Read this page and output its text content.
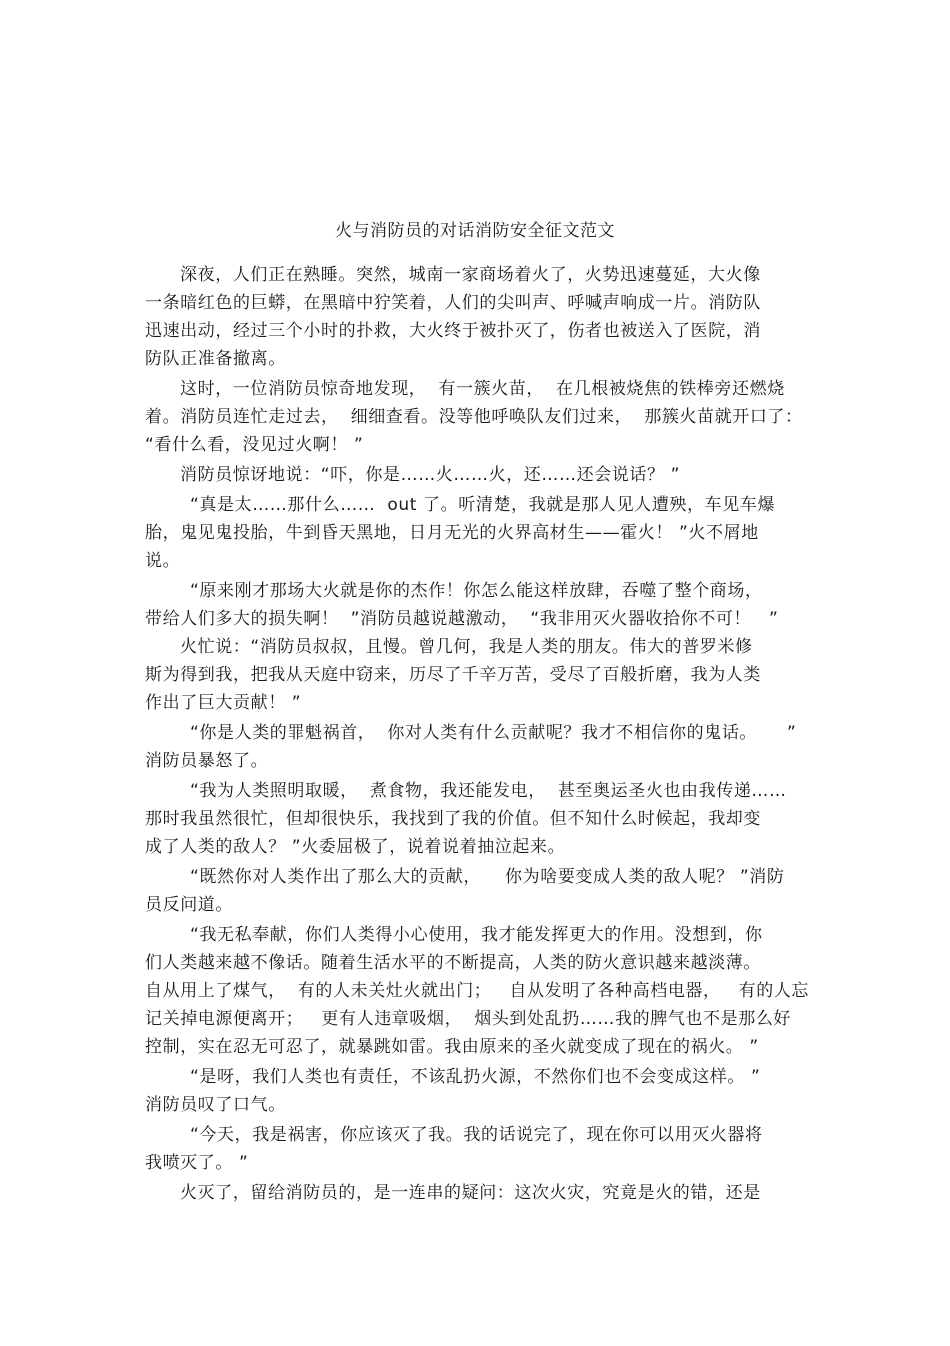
火与消防员的对话消防安全征文范文
深夜，人们正在熟睡。突然，城南一家商场着火了，火势迅速蔓延，大火像
一条暗红色的巨蟒，在黑暗中狞笑着，人们的尖叫声、呼喊声响成一片。消防队
迅速出动，经过三个小时的扑救，大火终于被扑灭了，伤者也被送入了医院，消
防队正准备撤离。
这时，一位消防员惊奇地发现，  有一簇火苗，  在几根被烧焦的铁棒旁还燃烧
着。消防员连忙走过去，  细细查看。没等他呼唤队友们过来，  那簇火苗就开口了：
“看什么看，没见过火啊！ ”
消防员惊讶地说：“吓，你是……火……火，还……还会说话？ ”
“真是太……那什么……  out 了。听清楚，我就是那人见人遭殃，车见车爆
胎，鬼见鬼投胎，牛到昏天黑地，日月无光的火界高材生——霍火！ ”火不屑地
说。
“原来刚才那场大火就是你的杰作！你怎么能这样放肆，吞噬了整个商场，
带给人们多大的损失啊！  ”消防员越说越激动，  “我非用灭火器收拾你不可！   ”
火忙说：“消防员叔叔，且慢。曾几何，我是人类的朋友。伟大的普罗米修
斯为得到我，把我从天庭中窃来，历尽了千辛万苦，受尽了百般折磨，我为人类
作出了巨大贡献！ ”
“你是人类的罪魁祸首，  你对人类有什么贡献呢？我才不相信你的鬼话。     ”
消防员暴怒了。
“我为人类照明取暖，  煮食物，我还能发电，  甚至奥运圣火也由我传递……
那时我虽然很忙，但却很快乐，我找到了我的价值。但不知什么时候起，我却变
成了人类的敌人？ ”火委屈极了，说着说着抽泣起来。
“既然你对人类作出了那么大的贡献，    你为啥要变成人类的敌人呢？ ”消防
员反问道。
“我无私奉献，你们人类得小心使用，我才能发挥更大的作用。没想到，你
们人类越来越不像话。随着生活水平的不断提高，人类的防火意识越来越淡薄。
自从用上了煤气，  有的人未关灶火就出门；   自从发明了各种高档电器，   有的人忘
记关掉电源便离开；   更有人违章吸烟，  烟头到处乱扔……我的脾气也不是那么好
控制，实在忍无可忍了，就暴跳如雷。我由原来的圣火就变成了现在的祸火。 ”
“是呀，我们人类也有责任，不该乱扔火源，不然你们也不会变成这样。 ”
消防员叹了口气。
“今天，我是祸害，你应该灭了我。我的话说完了，现在你可以用灭火器将
我喷灭了。 ”
火灭了，留给消防员的，是一连串的疑问：这次火灾，究竟是火的错，还是
